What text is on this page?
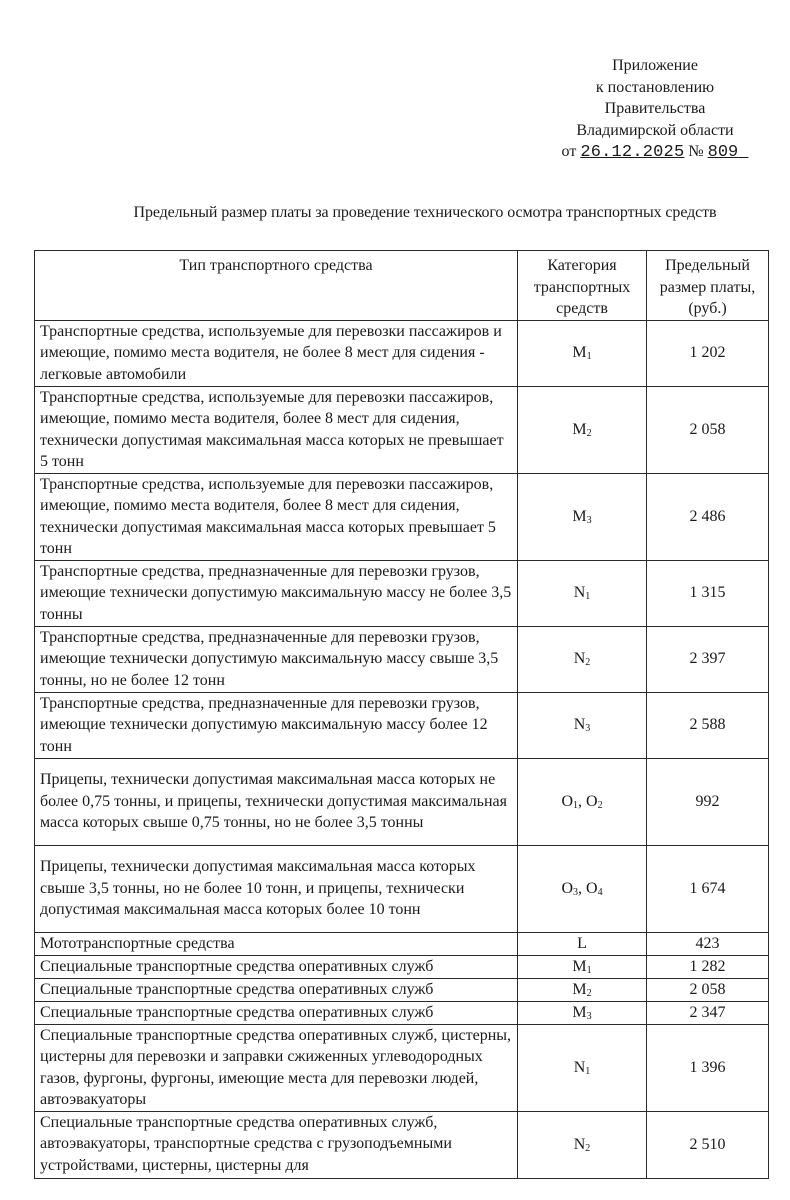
Приложение
к постановлению
Правительства
Владимирской области
от 26.12.2025 № 809
Предельный размер платы за проведение технического осмотра транспортных средств
Тип транспортного средства	Категория транспортных средств	Предельный размер платы, (руб.)
Транспортные средства, используемые для перевозки пассажиров и имеющие, помимо места водителя, не более 8 мест для сидения - легковые автомобили	$M_1$	1 202
Транспортные средства, используемые для перевозки пассажиров, имеющие, помимо места водителя, более 8 мест для сидения, технически допустимая максимальная масса которых не превышает 5 тонн	$M_2$	2 058
Транспортные средства, используемые для перевозки пассажиров, имеющие, помимо места водителя, более 8 мест для сидения, технически допустимая максимальная масса которых превышает 5 тонн	$M_3$	2 486
Транспортные средства, предназначенные для перевозки грузов, имеющие технически допустимую максимальную массу не более 3,5 тонны	$N_1$	1 315
Транспортные средства, предназначенные для перевозки грузов, имеющие технически допустимую максимальную массу свыше 3,5 тонны, но не более 12 тонн	$N_2$	2 397
Транспортные средства, предназначенные для перевозки грузов, имеющие технически допустимую максимальную массу более 12 тонн	$N_3$	2 588
Прицепы, технически допустимая максимальная масса которых не более 0,75 тонны, и прицепы, технически допустимая максимальная масса которых свыше 0,75 тонны, но не более 3,5 тонны	$O_1$, $O_2$	992
Прицепы, технически допустимая максимальная масса которых свыше 3,5 тонны, но не более 10 тонн, и прицепы, технически допустимая максимальная масса которых более 10 тонн	$O_3$, $O_4$	1 674
Мототранспортные средства	L	423
Специальные транспортные средства оперативных служб	$M_1$	1 282
Специальные транспортные средства оперативных служб	$M_2$	2 058
Специальные транспортные средства оперативных служб	$M_3$	2 347
Специальные транспортные средства оперативных служб, цистерны, цистерны для перевозки и заправки сжиженных углеводородных газов, фургоны, фургоны, имеющие места для перевозки людей, автоэвакуаторы	$N_1$	1 396

Специальные транспортные средства оперативных служб, автоэвакуаторы, транспортные средства с грузоподъемными устройствами, цистерны, цистерны для	$N_2$	2 510
